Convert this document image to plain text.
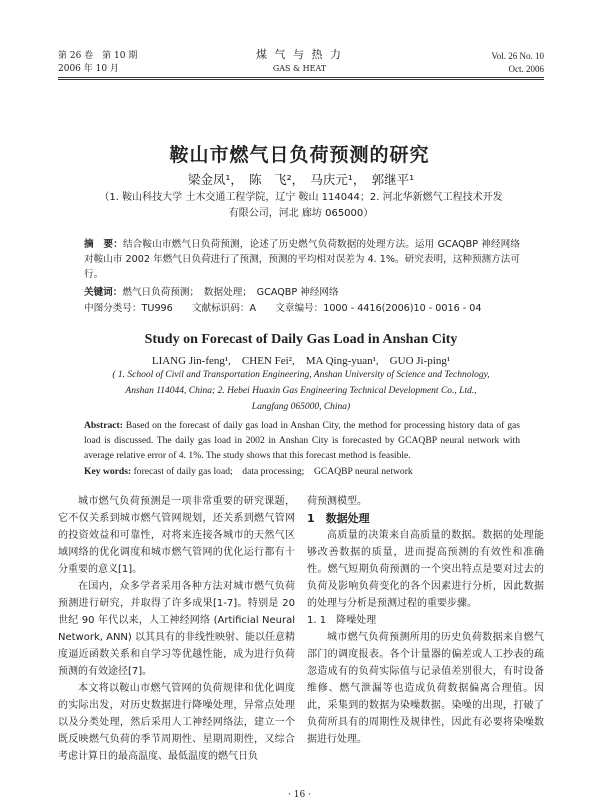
第 26 卷　第 10 期
2006 年 10 月
煤 气 与 热 力
GAS & HEAT
Vol. 26 No. 10
Oct. 2006
鞍山市燃气日负荷预测的研究
梁金凤¹，　陈　飞²，　马庆元¹，　郭继平¹
（1. 鞍山科技大学 土木交通工程学院，辽宁 鞍山 114044；2. 河北华新燃气工程技术开发
有限公司，河北 廊坊 065000）
摘　要：结合鞍山市燃气日负荷预测，论述了历史燃气负荷数据的处理方法。运用 GCAQBP 神经网络对鞍山市 2002 年燃气日负荷进行了预测，预测的平均相对误差为 4. 1%。研究表明，这种预测方法可行。
关键词：燃气日负荷预测；　数据处理；　GCAQBP 神经网络
中图分类号：TU996　　文献标识码：A　　文章编号：1000 - 4416(2006)10 - 0016 - 04
Study on Forecast of Daily Gas Load in Anshan City
LIANG Jin-feng¹,　CHEN Fei²,　MA Qing-yuan¹,　GUO Ji-ping¹
( 1. School of Civil and Transportation Engineering, Anshan University of Science and Technology,
Anshan 114044, China; 2. Hebei Huaxin Gas Engineering Technical Development Co., Ltd.,
Langfang 065000, China)
Abstract: Based on the forecast of daily gas load in Anshan City, the method for processing history data of gas load is discussed. The daily gas load in 2002 in Anshan City is forecasted by GCAQBP neural network with average relative error of 4. 1%. The study shows that this forecast method is feasible.
Key words: forecast of daily gas load;　data processing;　GCAQBP neural network

城市燃气负荷预测是一项非常重要的研究课题，它不仅关系到城市燃气管网规划，还关系到燃气管网的投资效益和可靠性，对将来连接各城市的天然气区域网络的优化调度和城市燃气管网的优化运行都有十分重要的意义[1]。

在国内，众多学者采用各种方法对城市燃气负荷预测进行研究，并取得了许多成果[1-7]。特别是 20 世纪 90 年代以来，人工神经网络 (Artificial Neural Network, ANN) 以其具有的非线性映射、能以任意精度逼近函数关系和自学习等优越性能，成为进行负荷预测的有效途径[7]。

本文将以鞍山市燃气管网的负荷规律和优化调度的实际出发，对历史数据进行降噪处理，异常点处理以及分类处理，然后采用人工神经网络法，建立一个既反映燃气负荷的季节周期性、星期周期性，又综合考虑计算日的最高温度、最低温度的燃气日负

荷预测模型。
1　数据处理

高质量的决策来自高质量的数据。数据的处理能够改善数据的质量，进而提高预测的有效性和准确性。燃气短期负荷预测的一个突出特点是要对过去的负荷及影响负荷变化的各个因素进行分析，因此数据的处理与分析是预测过程的重要步骤。

1. 1　降噪处理

城市燃气负荷预测所用的历史负荷数据来自燃气部门的调度报表。各个计量器的偏差或人工抄表的疏忽造成有的负荷实际值与记录值差别很大，有时设备维修、燃气泄漏等也造成负荷数据偏离合理值。因此，采集到的数据为染噪数据。染噪的出现，打破了负荷所具有的周期性及规律性，因此有必要将染噪数据进行处理。

· 16 ·
